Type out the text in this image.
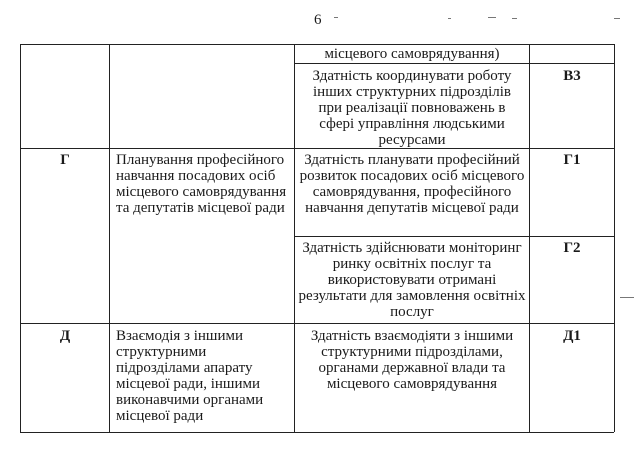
6
місцевого самоврядування)
Здатність координувати роботу інших структурних підрозділів при реалізації повноважень в сфері управління людськими ресурсами
В3
Г	Планування професійного навчання посадових осіб місцевого самоврядування та депутатів місцевої ради
Здатність планувати професійний розвиток посадових осіб місцевого самоврядування, професійного навчання депутатів місцевої ради
Г1
Здатність здійснювати моніторинг ринку освітніх послуг та використовувати отримані результати для замовлення освітніх послуг
Г2
Д	Взаємодія з іншими структурними підрозділами апарату місцевої ради, іншими виконавчими органами місцевої ради
Здатність взаємодіяти з іншими структурними підрозділами, органами державної влади та місцевого самоврядування
Д1
